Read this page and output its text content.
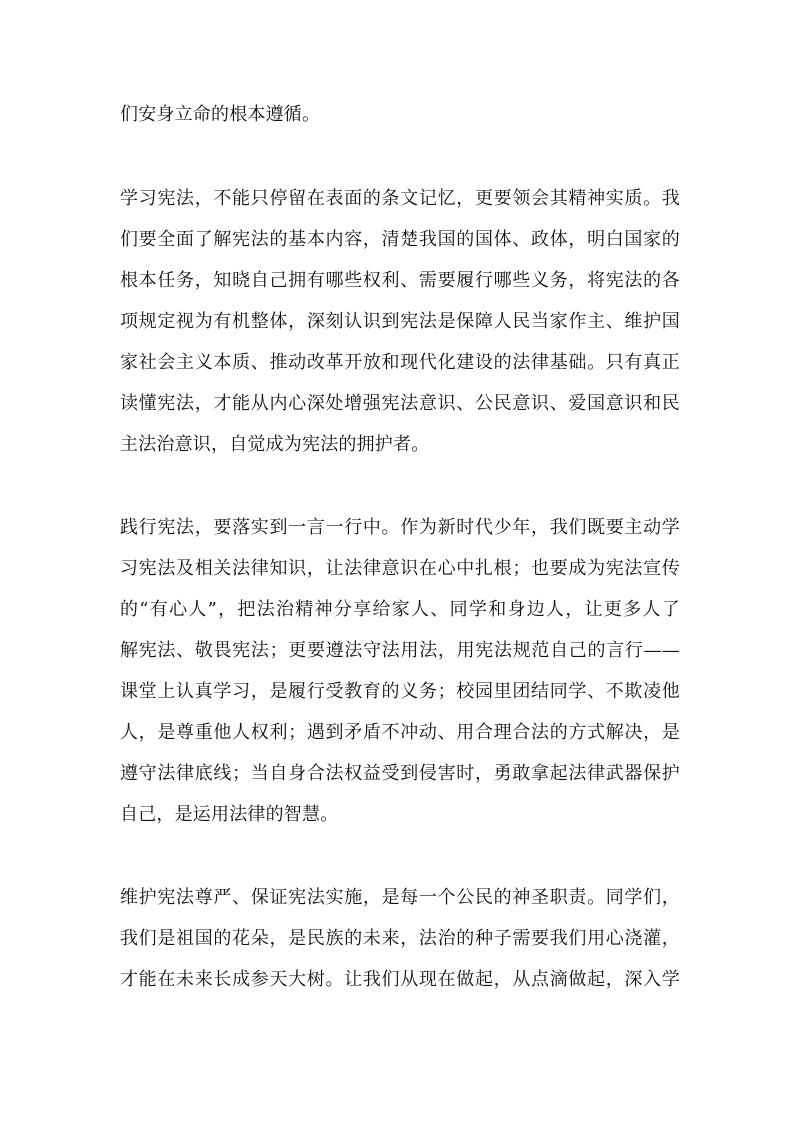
们安身立命的根本遵循。
学习宪法，不能只停留在表面的条文记忆，更要领会其精神实质。我
们要全面了解宪法的基本内容，清楚我国的国体、政体，明白国家的
根本任务，知晓自己拥有哪些权利、需要履行哪些义务，将宪法的各
项规定视为有机整体，深刻认识到宪法是保障人民当家作主、维护国
家社会主义本质、推动改革开放和现代化建设的法律基础。只有真正
读懂宪法，才能从内心深处增强宪法意识、公民意识、爱国意识和民
主法治意识，自觉成为宪法的拥护者。
践行宪法，要落实到一言一行中。作为新时代少年，我们既要主动学
习宪法及相关法律知识，让法律意识在心中扎根；也要成为宪法宣传
的“有心人”，把法治精神分享给家人、同学和身边人，让更多人了
解宪法、敬畏宪法；更要遵法守法用法，用宪法规范自己的言行——
课堂上认真学习，是履行受教育的义务；校园里团结同学、不欺凌他
人，是尊重他人权利；遇到矛盾不冲动、用合理合法的方式解决，是
遵守法律底线；当自身合法权益受到侵害时，勇敢拿起法律武器保护
自己，是运用法律的智慧。
维护宪法尊严、保证宪法实施，是每一个公民的神圣职责。同学们，
我们是祖国的花朵，是民族的未来，法治的种子需要我们用心浇灌，
才能在未来长成参天大树。让我们从现在做起，从点滴做起，深入学
